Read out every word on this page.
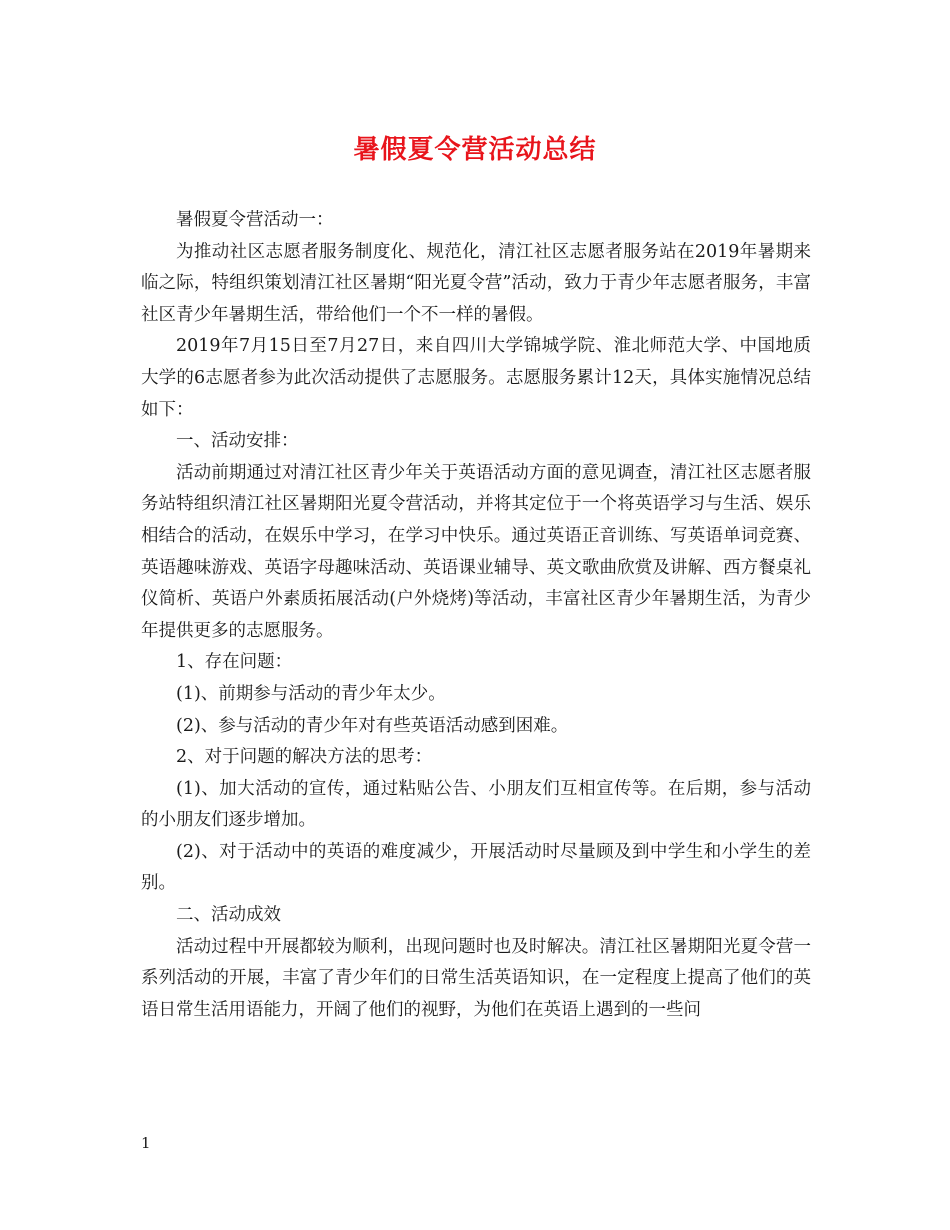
暑假夏令营活动总结

暑假夏令营活动一：

为推动社区志愿者服务制度化、规范化，清江社区志愿者服务站在2019年暑期来临之际，特组织策划清江社区暑期“阳光夏令营”活动，致力于青少年志愿者服务，丰富社区青少年暑期生活，带给他们一个不一样的暑假。

2019年7月15日至7月27日，来自四川大学锦城学院、淮北师范大学、中国地质大学的6志愿者参为此次活动提供了志愿服务。志愿服务累计12天，具体实施情况总结如下：

一、活动安排：

活动前期通过对清江社区青少年关于英语活动方面的意见调查，清江社区志愿者服务站特组织清江社区暑期阳光夏令营活动，并将其定位于一个将英语学习与生活、娱乐相结合的活动，在娱乐中学习，在学习中快乐。通过英语正音训练、写英语单词竞赛、英语趣味游戏、英语字母趣味活动、英语课业辅导、英文歌曲欣赏及讲解、西方餐桌礼仪简析、英语户外素质拓展活动(户外烧烤)等活动，丰富社区青少年暑期生活，为青少年提供更多的志愿服务。

1、存在问题：

(1)、前期参与活动的青少年太少。

(2)、参与活动的青少年对有些英语活动感到困难。

2、对于问题的解决方法的思考：

(1)、加大活动的宣传，通过粘贴公告、小朋友们互相宣传等。在后期，参与活动的小朋友们逐步增加。

(2)、对于活动中的英语的难度减少，开展活动时尽量顾及到中学生和小学生的差别。

二、活动成效

活动过程中开展都较为顺利，出现问题时也及时解决。清江社区暑期阳光夏令营一系列活动的开展，丰富了青少年们的日常生活英语知识，在一定程度上提高了他们的英语日常生活用语能力，开阔了他们的视野，为他们在英语上遇到的一些问

1
